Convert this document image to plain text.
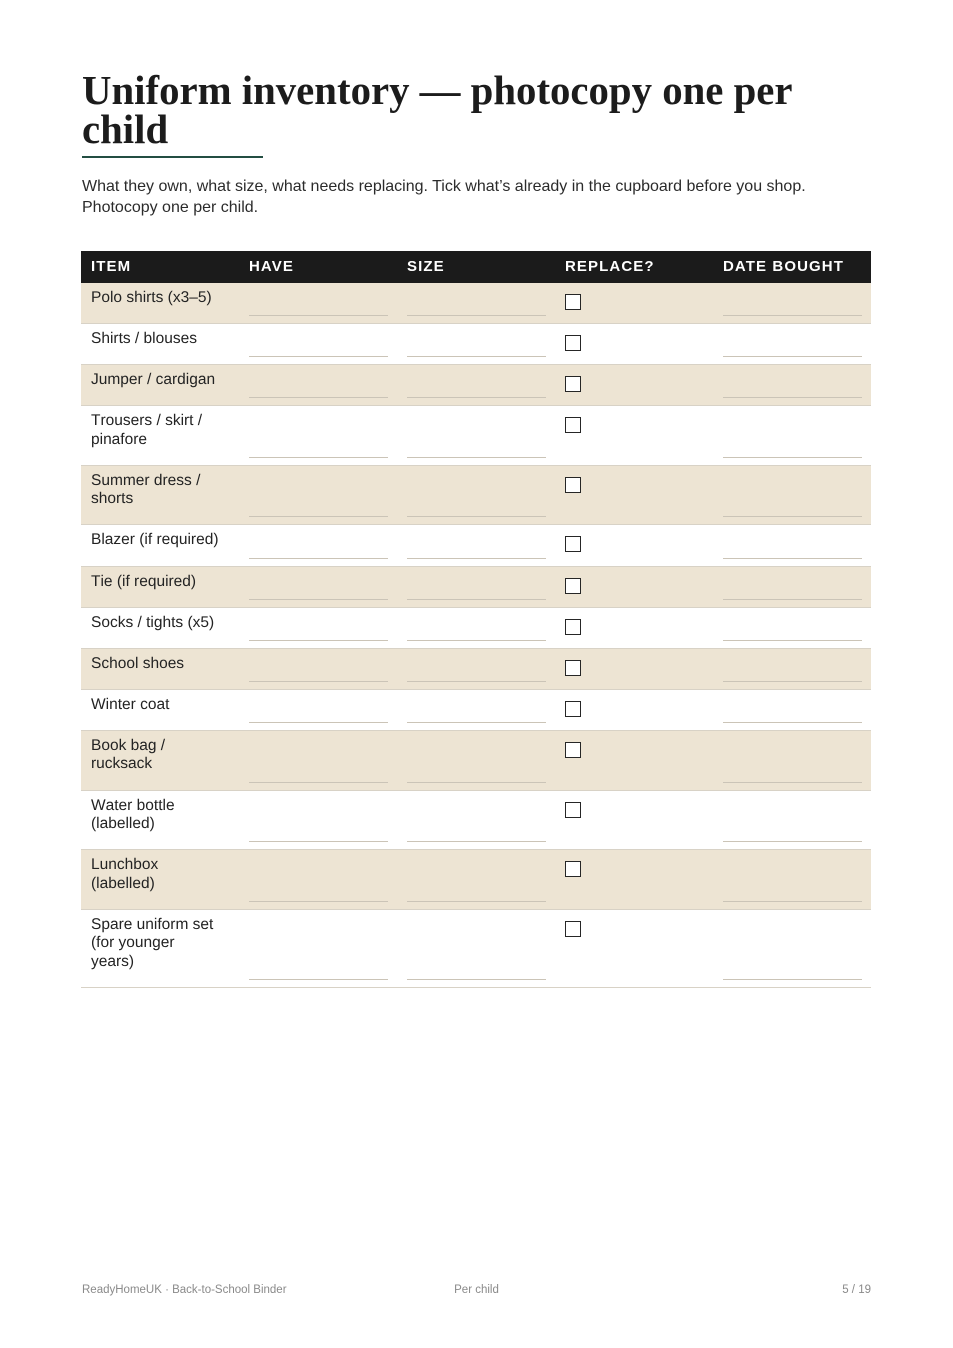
Uniform inventory — photocopy one per child

What they own, what size, what needs replacing. Tick what’s already in the cupboard before you shop. Photocopy one per child.

ITEM	HAVE	SIZE	REPLACE?	DATE BOUGHT
Polo shirts (x3–5)
Shirts / blouses
Jumper / cardigan
Trousers / skirt / pinafore
Summer dress / shorts
Blazer (if required)
Tie (if required)
Socks / tights (x5)
School shoes
Winter coat
Book bag / rucksack
Water bottle (labelled)
Lunchbox (labelled)
Spare uniform set (for younger years)
ReadyHomeUK · Back-to-School Binder	Per child	5 / 19
